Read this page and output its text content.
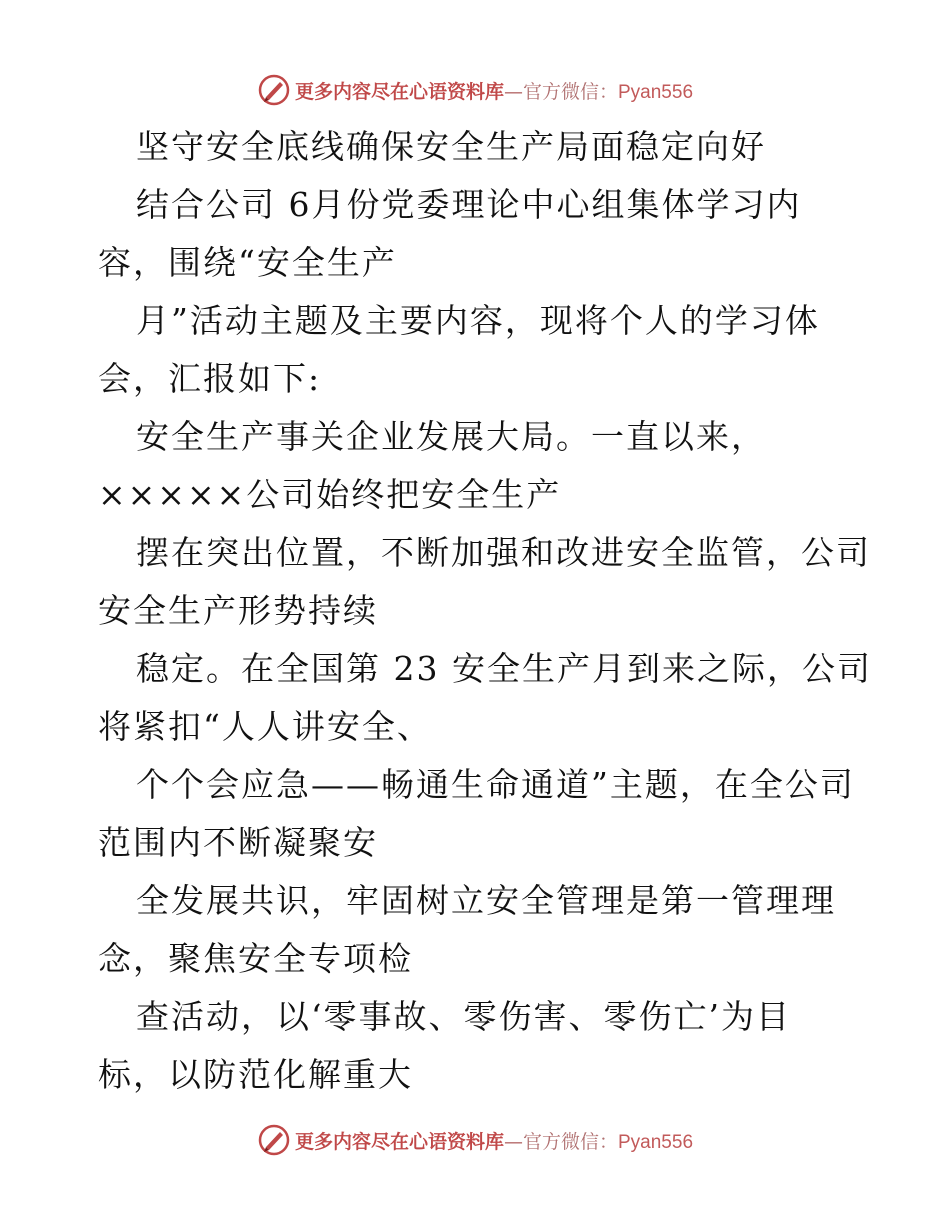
更多内容尽在心语资料库—官方微信：Pyan556
坚守安全底线确保安全生产局面稳定向好
结合公司 6月份党委理论中心组集体学习内
容，围绕“安全生产
月”活动主题及主要内容，现将个人的学习体
会，汇报如下:
安全生产事关企业发展大局。一直以来，
×××××公司始终把安全生产
摆在突出位置，不断加强和改进安全监管，公司
安全生产形势持续
稳定。在全国第 23 安全生产月到来之际，公司
将紧扣“人人讲安全、
个个会应急——畅通生命通道”主题，在全公司
范围内不断凝聚安
全发展共识，牢固树立安全管理是第一管理理
念，聚焦安全专项检
查活动，以‘零事故、零伤害、零伤亡’为目
标，以防范化解重大
更多内容尽在心语资料库—官方微信：Pyan556
